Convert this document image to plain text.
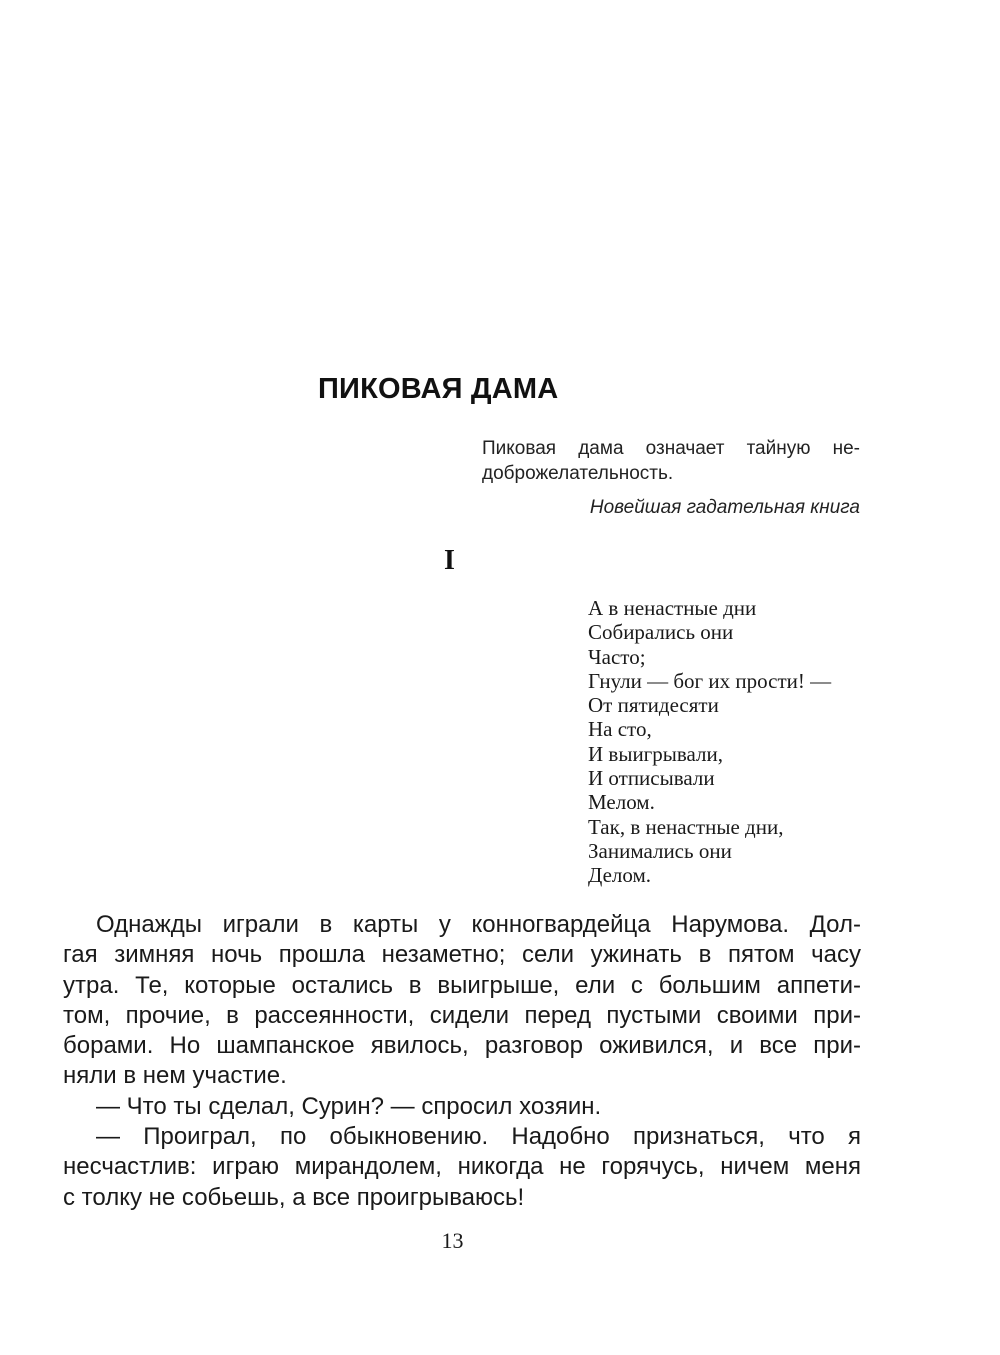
ПИКОВАЯ ДАМА
Пиковая дама означает тайную не-
доброжелательность.
Новейшая гадательная книга
I
А в ненастные дни
Собирались они
Часто;
Гнули — бог их прости! —
От пятидесяти
На сто,
И выигрывали,
И отписывали
Мелом.
Так, в ненастные дни,
Занимались они
Делом.
Однажды играли в карты у конногвардейца Нарумова. Дол-
гая зимняя ночь прошла незаметно; сели ужинать в пятом часу
утра. Те, которые остались в выигрыше, ели с большим аппети-
том, прочие, в рассеянности, сидели перед пустыми своими при-
борами. Но шампанское явилось, разговор оживился, и все при-
няли в нем участие.
— Что ты сделал, Сурин? — спросил хозяин.
— Проиграл, по обыкновению. Надобно признаться, что я
несчастлив: играю мирандолем, никогда не горячусь, ничем меня
с толку не собьешь, а все проигрываюсь!
13
